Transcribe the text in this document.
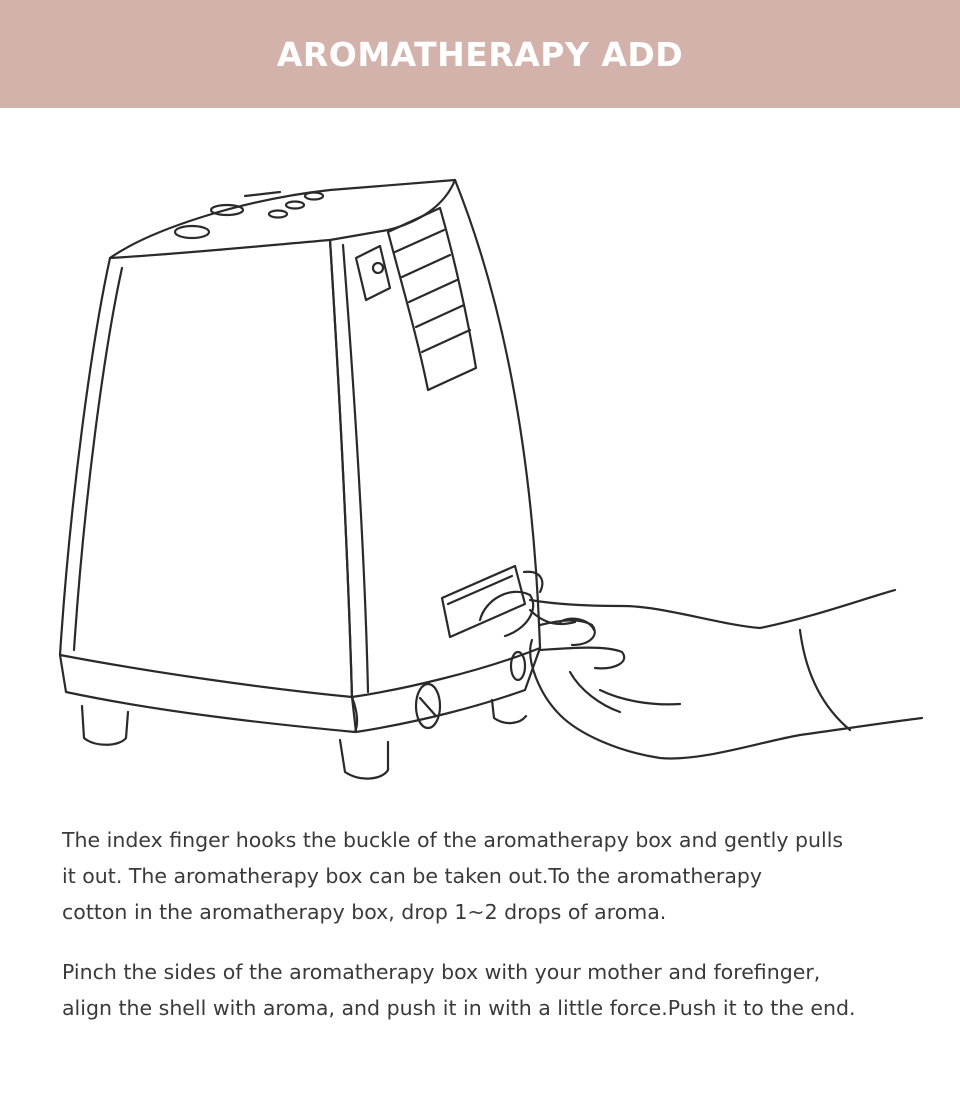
AROMATHERAPY ADD

The index finger hooks the buckle of the aromatherapy box and gently pulls
it out. The aromatherapy box can be taken out.To the aromatherapy
cotton in the aromatherapy box, drop 1~2 drops of aroma.

Pinch the sides of the aromatherapy box with your mother and forefinger,
align the shell with aroma, and push it in with a little force.Push it to the end.
